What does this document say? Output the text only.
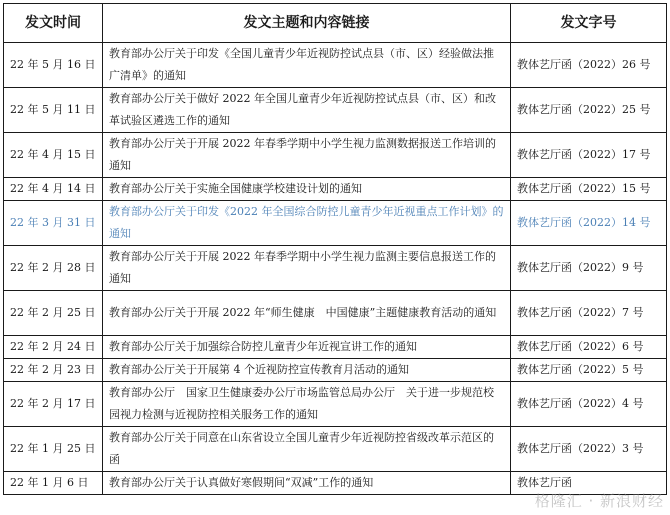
发文时间	发文主题和内容链接	发文字号
22 年 5 月 16 日	教育部办公厅关于印发《全国儿童青少年近视防控试点县（市、区）经验做法推广清单》的通知	教体艺厅函（2022）26 号
22 年 5 月 11 日	教育部办公厅关于做好 2022 年全国儿童青少年近视防控试点县（市、区）和改革试验区遴选工作的通知	教体艺厅函（2022）25 号
22 年 4 月 15 日	教育部办公厅关于开展 2022 年春季学期中小学生视力监测数据报送工作培训的通知	教体艺厅函（2022）17 号
22 年 4 月 14 日	教育部办公厅关于实施全国健康学校建设计划的通知	教体艺厅函（2022）15 号
22 年 3 月 31 日	教育部办公厅关于印发《2022 年全国综合防控儿童青少年近视重点工作计划》的通知	教体艺厅函（2022）14 号
22 年 2 月 28 日	教育部办公厅关于开展 2022 年春季学期中小学生视力监测主要信息报送工作的通知	教体艺厅函（2022）9 号
22 年 2 月 25 日	教育部办公厅关于开展 2022 年“师生健康　中国健康”主题健康教育活动的通知	教体艺厅函（2022）7 号
22 年 2 月 24 日	教育部办公厅关于加强综合防控儿童青少年近视宣讲工作的通知	教体艺厅函（2022）6 号
22 年 2 月 23 日	教育部办公厅关于开展第 4 个近视防控宣传教育月活动的通知	教体艺厅函（2022）5 号
22 年 2 月 17 日	教育部办公厅　国家卫生健康委办公厅市场监管总局办公厅　关于进一步规范校园视力检测与近视防控相关服务工作的通知	教体艺厅函（2022）4 号
22 年 1 月 25 日	教育部办公厅关于同意在山东省设立全国儿童青少年近视防控省级改革示范区的函	教体艺厅函（2022）3 号
22 年 1 月 6 日	教育部办公厅关于认真做好寒假期间“双减”工作的通知	教体艺厅函
格隆汇 · 新浪财经
